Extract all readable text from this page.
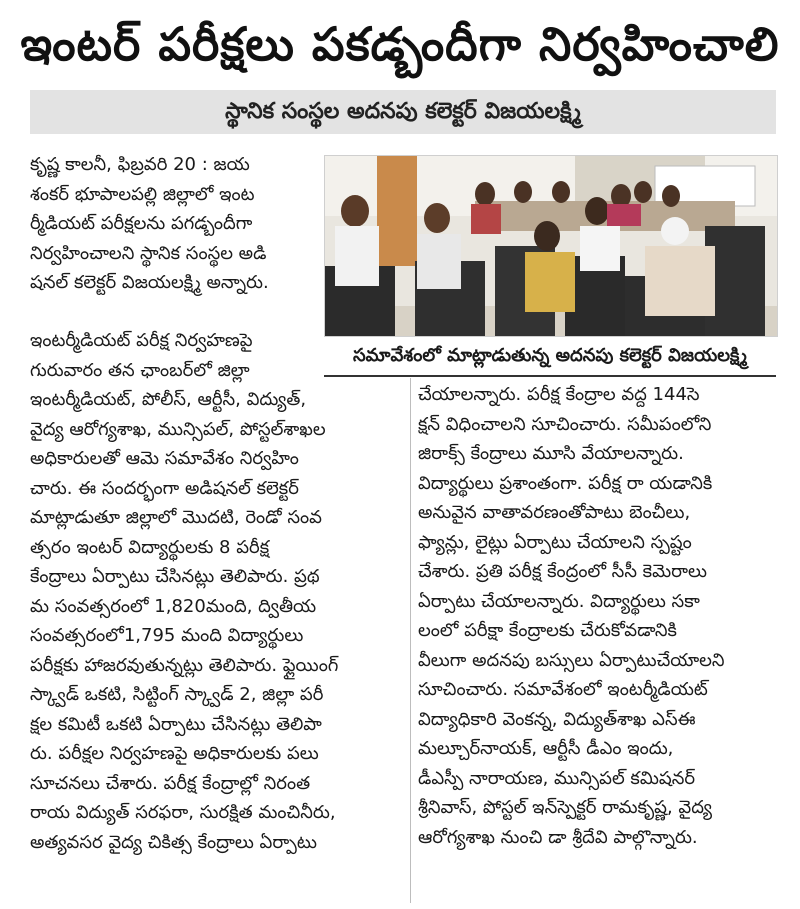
ఇంటర్ పరీక్షలు పకడ్బందీగా నిర్వహించాలి
స్థానిక సంస్థల అదనపు కలెక్టర్ విజయలక్ష్మి
కృష్ణ కాలనీ, ఫిబ్రవరి 20 : జయ
శంకర్ భూపాలపల్లి జిల్లాలో ఇంట
ర్మీడియట్ పరీక్షలను పగడ్బందీగా
నిర్వహించాలని స్థానిక సంస్థల అడి
షనల్ కలెక్టర్ విజయలక్ష్మి అన్నారు.
సమావేశంలో మాట్లాడుతున్న అదనపు కలెక్టర్ విజయలక్ష్మి
ఇంటర్మీడియట్ పరీక్ష నిర్వహణపై
గురువారం తన ఛాంబర్‌లో జిల్లా
ఇంటర్మీడియట్, పోలీస్, ఆర్టీసీ, విద్యుత్,
వైద్య ఆరోగ్యశాఖ, మున్సిపల్, పోస్టల్‌శాఖల
అధికారులతో ఆమె సమావేశం నిర్వహిం
చారు. ఈ సందర్భంగా అడిషనల్ కలెక్టర్
మాట్లాడుతూ జిల్లాలో మొదటి, రెండో సంవ
త్సరం ఇంటర్ విద్యార్థులకు 8 పరీక్ష
కేంద్రాలు ఏర్పాటు చేసినట్లు తెలిపారు. ప్రథ
మ సంవత్సరంలో 1,820మంది, ద్వితీయ
సంవత్సరంలో1,795 మంది విద్యార్థులు
పరీక్షకు హాజరవుతున్నట్లు తెలిపారు. ఫ్లైయింగ్
స్క్వాడ్ ఒకటి, సిట్టింగ్ స్క్వాడ్ 2, జిల్లా పరీ
క్షల కమిటీ ఒకటి ఏర్పాటు చేసినట్లు తెలిపా
రు. పరీక్షల నిర్వహణపై అధికారులకు పలు
సూచనలు చేశారు. పరీక్ష కేంద్రాల్లో నిరంత
రాయ విద్యుత్ సరఫరా, సురక్షిత మంచినీరు,
అత్యవసర వైద్య చికిత్స కేంద్రాలు ఏర్పాటు
చేయాలన్నారు. పరీక్ష కేంద్రాల వద్ద 144సె
క్షన్ విధించాలని సూచించారు. సమీపంలోని
జిరాక్స్ కేంద్రాలు మూసి వేయాలన్నారు.
విద్యార్థులు ప్రశాంతంగా. పరీక్ష రా యడానికి
అనువైన వాతావరణంతోపాటు బెంచీలు,
ఫ్యాన్లు, లైట్లు ఏర్పాటు చేయాలని స్పష్టం
చేశారు. ప్రతి పరీక్ష కేంద్రంలో సీసీ కెమెరాలు
ఏర్పాటు చేయాలన్నారు. విద్యార్థులు సకా
లంలో పరీక్షా కేంద్రాలకు చేరుకోవడానికి
వీలుగా అదనపు బస్సులు ఏర్పాటుచేయాలని
సూచించారు. సమావేశంలో ఇంటర్మీడియట్
విద్యాధికారి వెంకన్న, విద్యుత్‌శాఖ ఎస్ఈ
మల్చూర్‌నాయక్, ఆర్టీసీ డీఎం ఇందు,
డీఎస్పీ నారాయణ, మున్సిపల్ కమిషనర్
శ్రీనివాస్, పోస్టల్ ఇన్‌స్పెక్టర్ రామకృష్ణ, వైద్య
ఆరోగ్యశాఖ నుంచి డా శ్రీదేవి పాల్గొన్నారు.
